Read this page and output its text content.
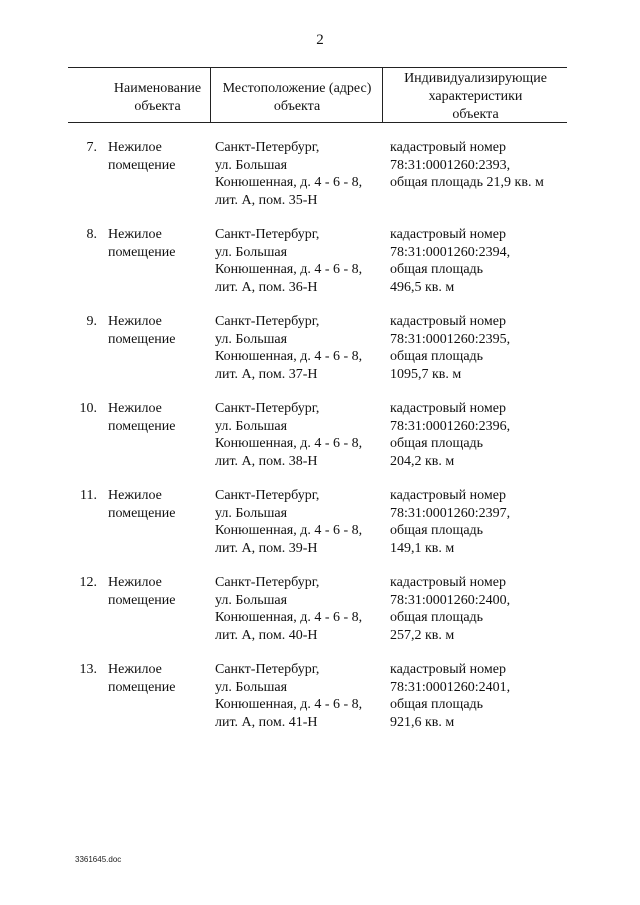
2
Наименование
объекта
Местоположение (адрес)
объекта
Индивидуализирующие
характеристики
объекта
7. Нежилое
помещение
Санкт-Петербург,
ул. Большая
Конюшенная, д. 4 - 6 - 8,
лит. А, пом. 35-Н
кадастровый номер
78:31:0001260:2393,
общая площадь 21,9 кв. м
8. Нежилое
помещение
Санкт-Петербург,
ул. Большая
Конюшенная, д. 4 - 6 - 8,
лит. А, пом. 36-Н
кадастровый номер
78:31:0001260:2394,
общая площадь
496,5 кв. м
9. Нежилое
помещение
Санкт-Петербург,
ул. Большая
Конюшенная, д. 4 - 6 - 8,
лит. А, пом. 37-Н
кадастровый номер
78:31:0001260:2395,
общая площадь
1095,7 кв. м
10. Нежилое
помещение
Санкт-Петербург,
ул. Большая
Конюшенная, д. 4 - 6 - 8,
лит. А, пом. 38-Н
кадастровый номер
78:31:0001260:2396,
общая площадь
204,2 кв. м
11. Нежилое
помещение
Санкт-Петербург,
ул. Большая
Конюшенная, д. 4 - 6 - 8,
лит. А, пом. 39-Н
кадастровый номер
78:31:0001260:2397,
общая площадь
149,1 кв. м
12. Нежилое
помещение
Санкт-Петербург,
ул. Большая
Конюшенная, д. 4 - 6 - 8,
лит. А, пом. 40-Н
кадастровый номер
78:31:0001260:2400,
общая площадь
257,2 кв. м
13. Нежилое
помещение
Санкт-Петербург,
ул. Большая
Конюшенная, д. 4 - 6 - 8,
лит. А, пом. 41-Н
кадастровый номер
78:31:0001260:2401,
общая площадь
921,6 кв. м
3361645.doc
